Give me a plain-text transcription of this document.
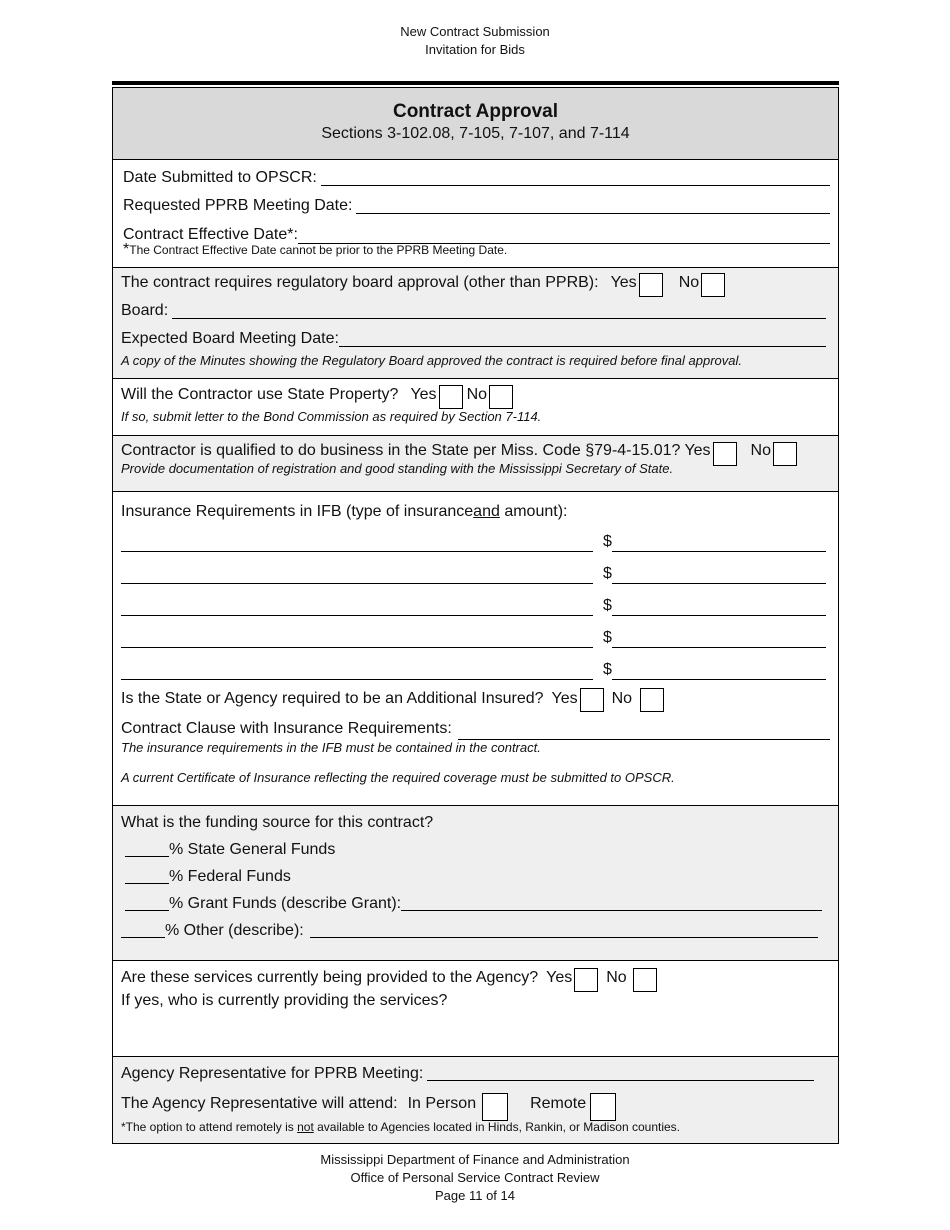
New Contract Submission
Invitation for Bids
Contract Approval
Sections 3-102.08, 7-105, 7-107, and 7-114
Date Submitted to OPSCR:
Requested PPRB Meeting Date:
Contract Effective Date*:
*The Contract Effective Date cannot be prior to the PPRB Meeting Date.
The contract requires regulatory board approval (other than PPRB): Yes	No
Board:
Expected Board Meeting Date:
A copy of the Minutes showing the Regulatory Board approved the contract is required before final approval.
Will the Contractor use State Property? Yes No
If so, submit letter to the Bond Commission as required by Section 7-114.
Contractor is qualified to do business in the State per Miss. Code §79-4-15.01? Yes	No
Provide documentation of registration and good standing with the Mississippi Secretary of State.
Insurance Requirements in IFB (type of insurance and amount):
$
$
$
$
$
Is the State or Agency required to be an Additional Insured? Yes No
Contract Clause with Insurance Requirements:
The insurance requirements in the IFB must be contained in the contract.
A current Certificate of Insurance reflecting the required coverage must be submitted to OPSCR.
What is the funding source for this contract?
% State General Funds
% Federal Funds
% Grant Funds (describe Grant):
% Other (describe):
Are these services currently being provided to the Agency? Yes No
If yes, who is currently providing the services?
Agency Representative for PPRB Meeting:
The Agency Representative will attend: In Person	Remote
*The option to attend remotely is not available to Agencies located in Hinds, Rankin, or Madison counties.
Mississippi Department of Finance and Administration
Office of Personal Service Contract Review
Page 11 of 14
